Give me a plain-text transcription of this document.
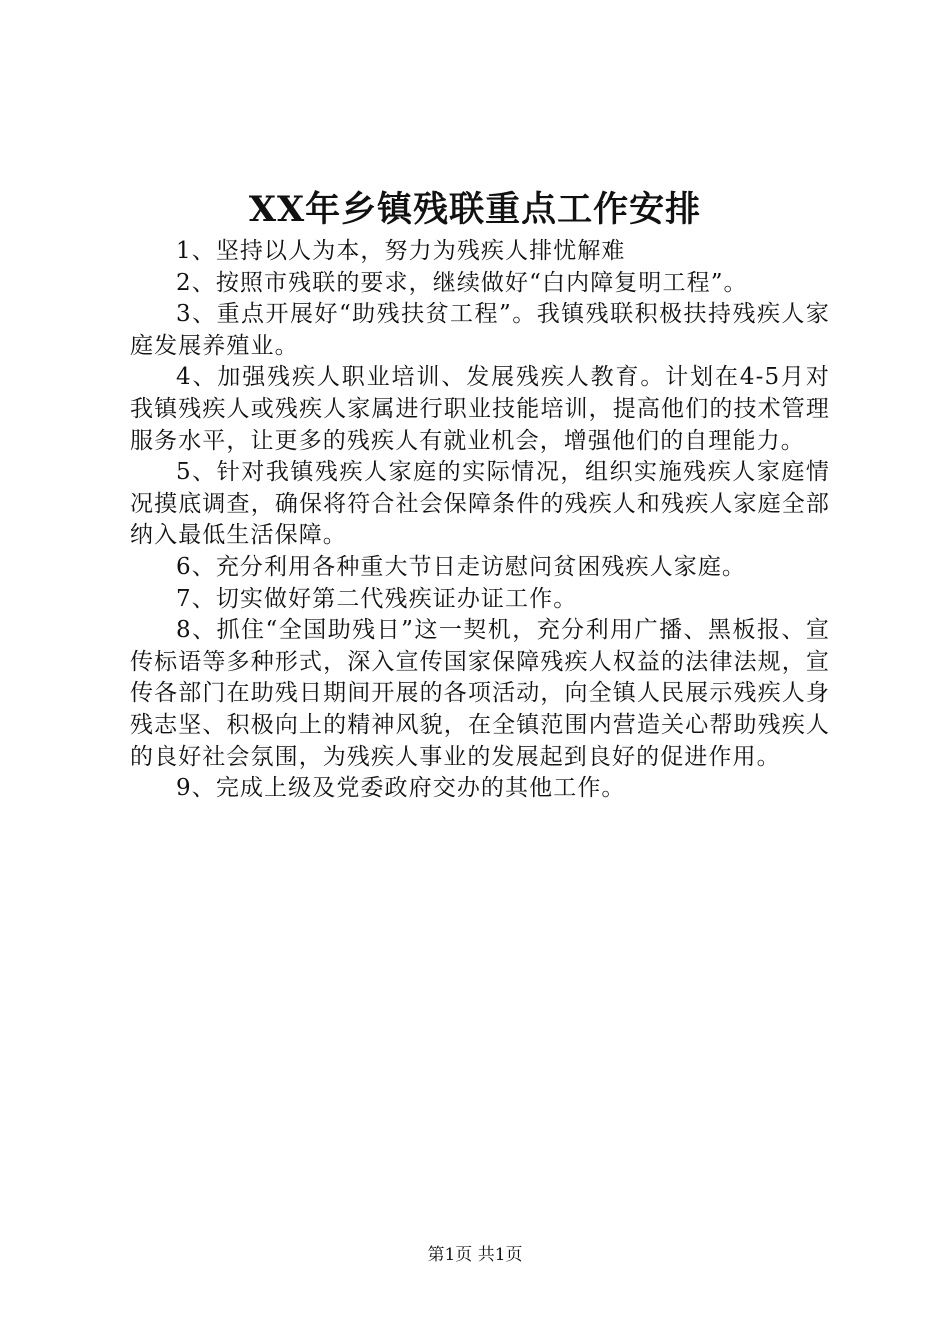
XX年乡镇残联重点工作安排

1、坚持以人为本，努力为残疾人排忧解难

2、按照市残联的要求，继续做好“白内障复明工程”。

3、重点开展好“助残扶贫工程”。我镇残联积极扶持残疾人家庭发展养殖业。

4、加强残疾人职业培训、发展残疾人教育。计划在4-5月对我镇残疾人或残疾人家属进行职业技能培训，提高他们的技术管理服务水平，让更多的残疾人有就业机会，增强他们的自理能力。

5、针对我镇残疾人家庭的实际情况，组织实施残疾人家庭情况摸底调查，确保将符合社会保障条件的残疾人和残疾人家庭全部纳入最低生活保障。

6、充分利用各种重大节日走访慰问贫困残疾人家庭。

7、切实做好第二代残疾证办证工作。

8、抓住“全国助残日”这一契机，充分利用广播、黑板报、宣传标语等多种形式，深入宣传国家保障残疾人权益的法律法规，宣传各部门在助残日期间开展的各项活动，向全镇人民展示残疾人身残志坚、积极向上的精神风貌，在全镇范围内营造关心帮助残疾人的良好社会氛围，为残疾人事业的发展起到良好的促进作用。

9、完成上级及党委政府交办的其他工作。

第1页 共1页
